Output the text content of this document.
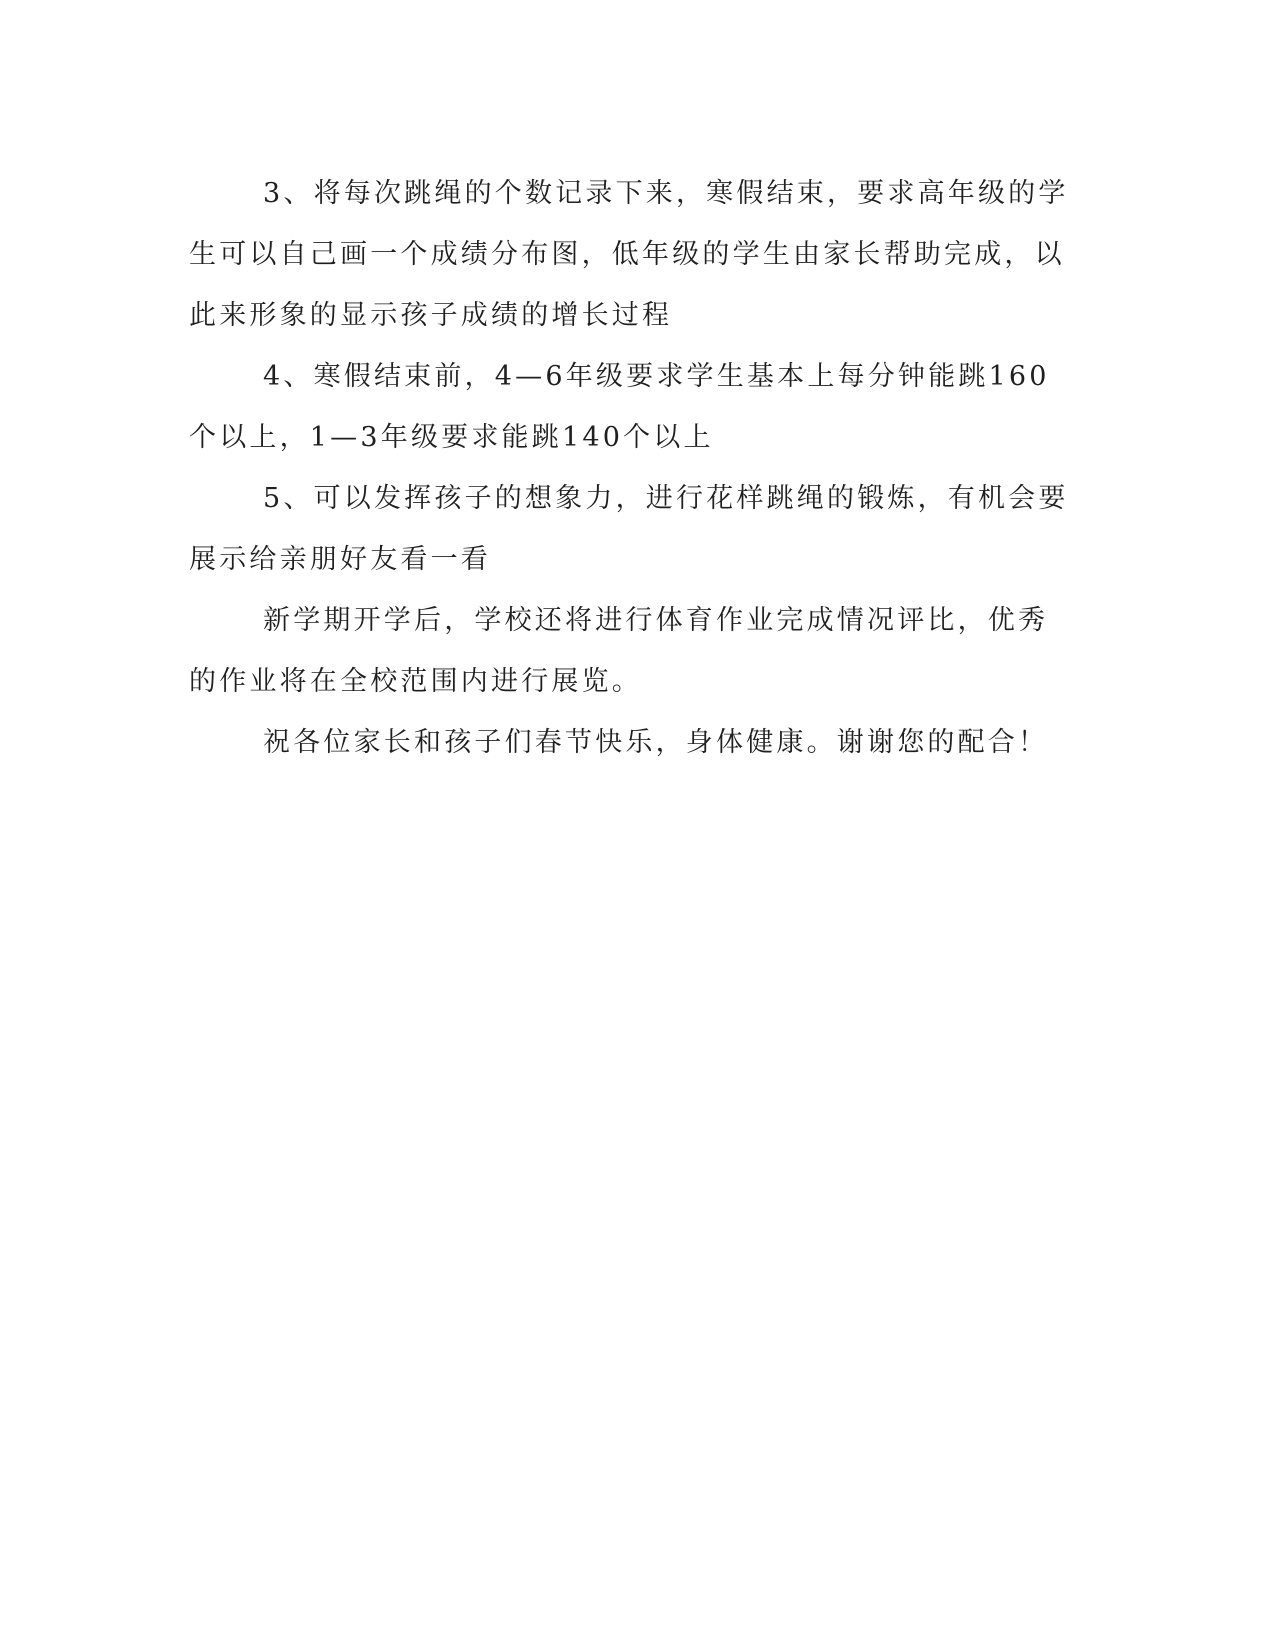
3、将每次跳绳的个数记录下来，寒假结束，要求高年级的学生可以自己画一个成绩分布图，低年级的学生由家长帮助完成，以此来形象的显示孩子成绩的增长过程

4、寒假结束前，4—6年级要求学生基本上每分钟能跳160个以上，1—3年级要求能跳140个以上

5、可以发挥孩子的想象力，进行花样跳绳的锻炼，有机会要展示给亲朋好友看一看

新学期开学后，学校还将进行体育作业完成情况评比，优秀的作业将在全校范围内进行展览。

祝各位家长和孩子们春节快乐，身体健康。谢谢您的配合！
